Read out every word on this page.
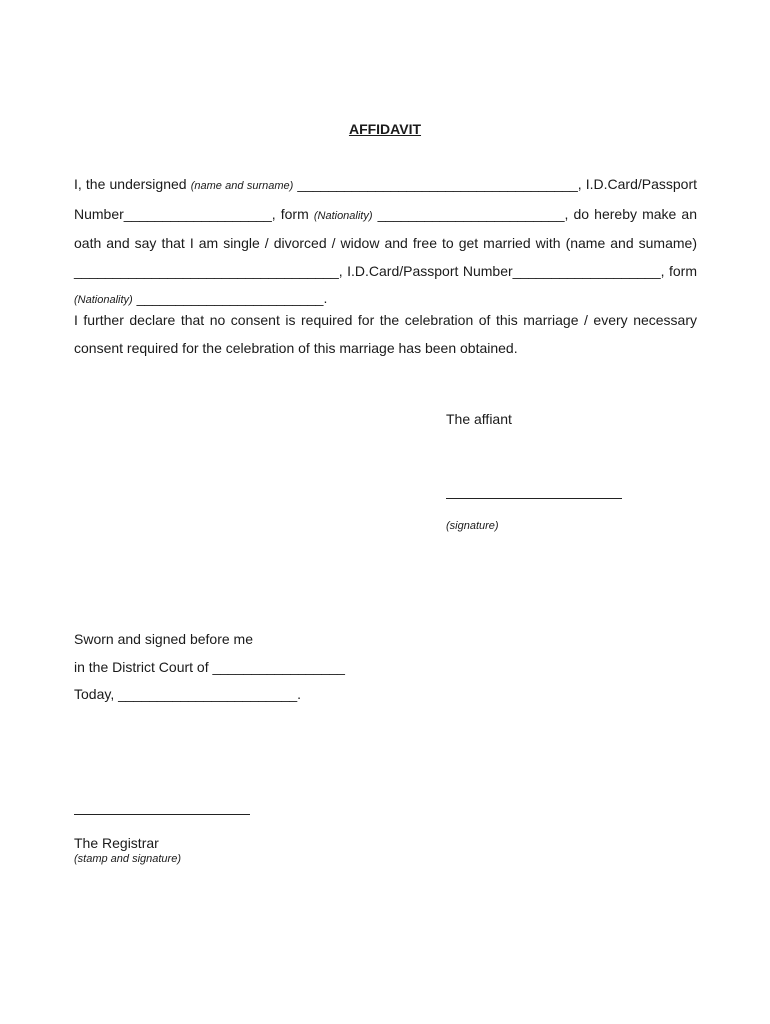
AFFIDAVIT
I, the undersigned (name and surname) ____________________________________, I.D.Card/Passport Number___________________, form (Nationality) ________________________, do hereby make an oath and say that I am single / divorced / widow and free to get married with (name and sumame) __________________________________, I.D.Card/Passport Number___________________, form (Nationality) ________________________.
I further declare that no consent is required for the celebration of this marriage / every necessary consent required for the celebration of this marriage has been obtained.
The affiant
(signature)
Sworn and signed before me
in the District Court of _________________
Today, _______________________.
The Registrar
(stamp and signature)
